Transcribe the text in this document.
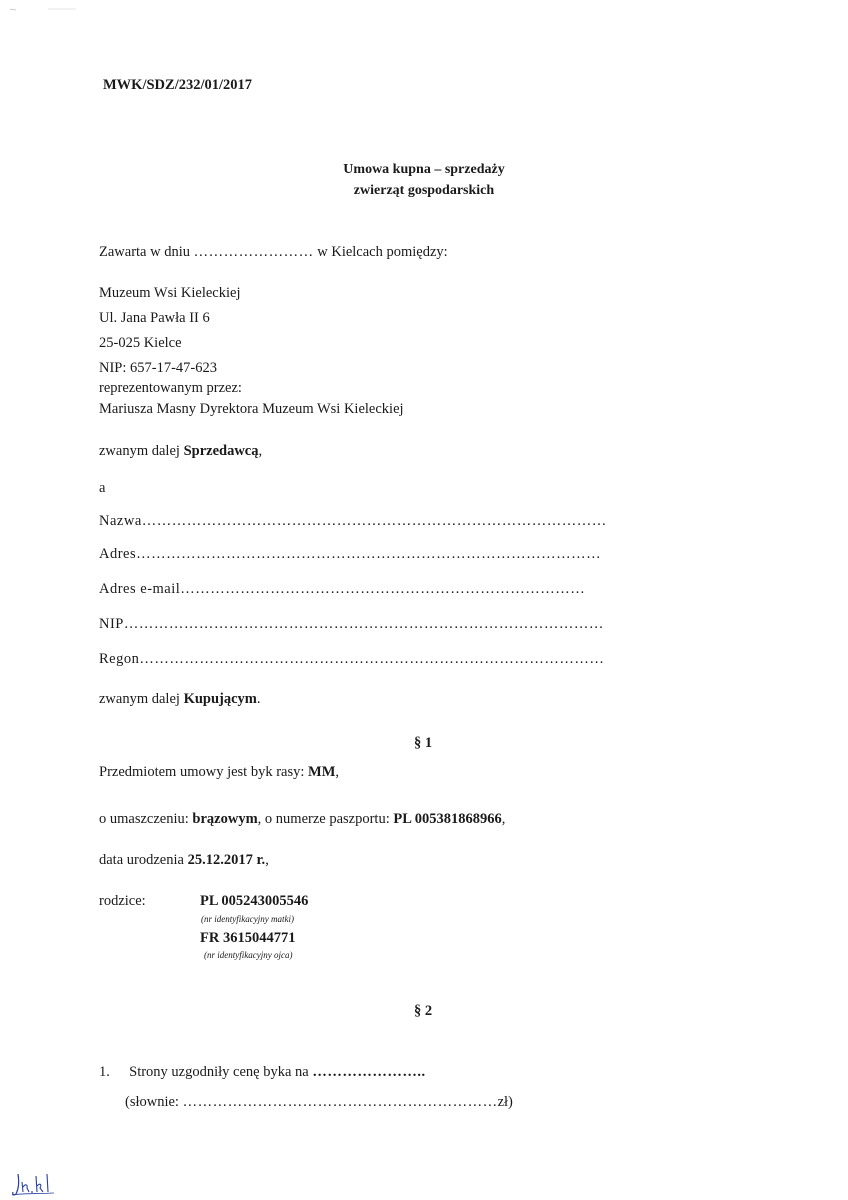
MWK/SDZ/232/01/2017
Umowa kupna – sprzedaży
zwierząt gospodarskich
Zawarta w dniu …………………… w Kielcach pomiędzy:
Muzeum Wsi Kieleckiej
Ul. Jana Pawła II 6
25-025 Kielce
NIP: 657-17-47-623
reprezentowanym przez:
Mariusza Masny Dyrektora Muzeum Wsi Kieleckiej
zwanym dalej Sprzedawcą,
a
Nazwa…………………………………………………………………………………
Adres…………………………………………………………………………………
Adres e-mail………………………………………………………………………
NIP……………………………………………………………………………………
Regon…………………………………………………………………………………
zwanym dalej Kupującym.
§ 1
Przedmiotem umowy jest byk rasy: MM,
o umaszczeniu: brązowym, o numerze paszportu: PL 005381868966,
data urodzenia 25.12.2017 r.,
rodzice:	PL 005243005546
(nr identyfikacyjny matki)
FR 3615044771
(nr identyfikacyjny ojca)
§ 2
1. Strony uzgodniły cenę byka na …………………..
(słownie: ………………………………………………………zł)
